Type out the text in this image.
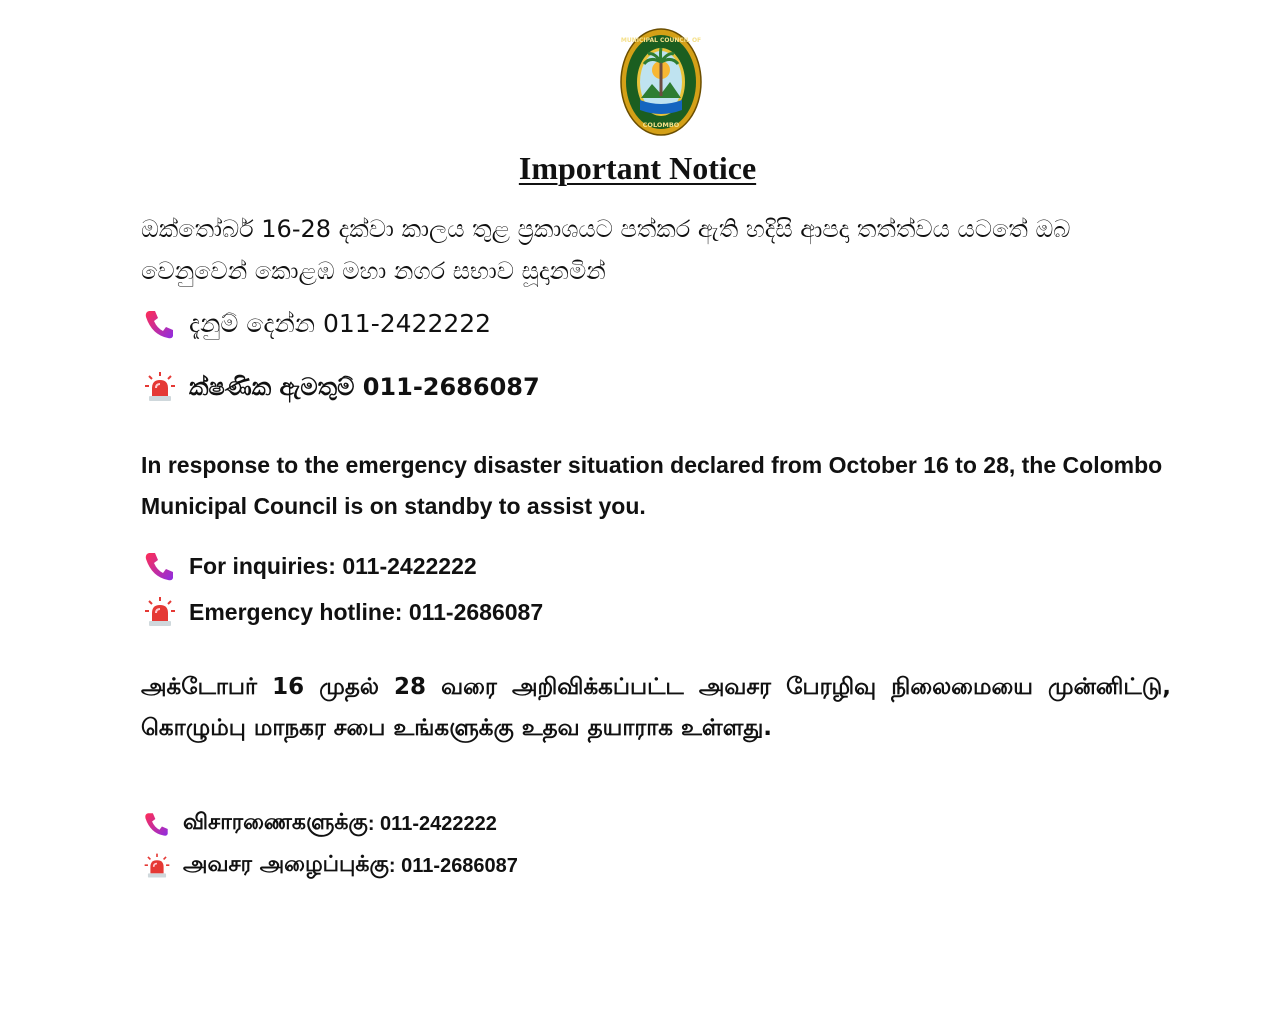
MUNICIPAL COUNCIL OF
COLOMBO
Important Notice

ඔක්තෝබර් 16-28 දක්වා කාලය තුළ ප්‍රකාශයට පත්කර ඇති හදිසි ආපදා තත්ත්වය යටතේ ඔබ වෙනුවෙන් කොළඹ මහා නගර සභාව සූදානමින්

දැනුම් දෙන්න 011-2422222
ක්ෂණික ඇමතුම් 011-2686087

In response to the emergency disaster situation declared from October 16 to 28, the Colombo Municipal Council is on standby to assist you.

For inquiries: 011-2422222
Emergency hotline: 011-2686087

அக்டோபர் 16 முதல் 28 வரை அறிவிக்கப்பட்ட அவசர பேரழிவு நிலைமையை முன்னிட்டு, கொழும்பு மாநகர சபை உங்களுக்கு உதவ தயாராக உள்ளது.

விசாரணைகளுக்கு : 011-2422222
அவசர அழைப்புக்கு : 011-2686087
